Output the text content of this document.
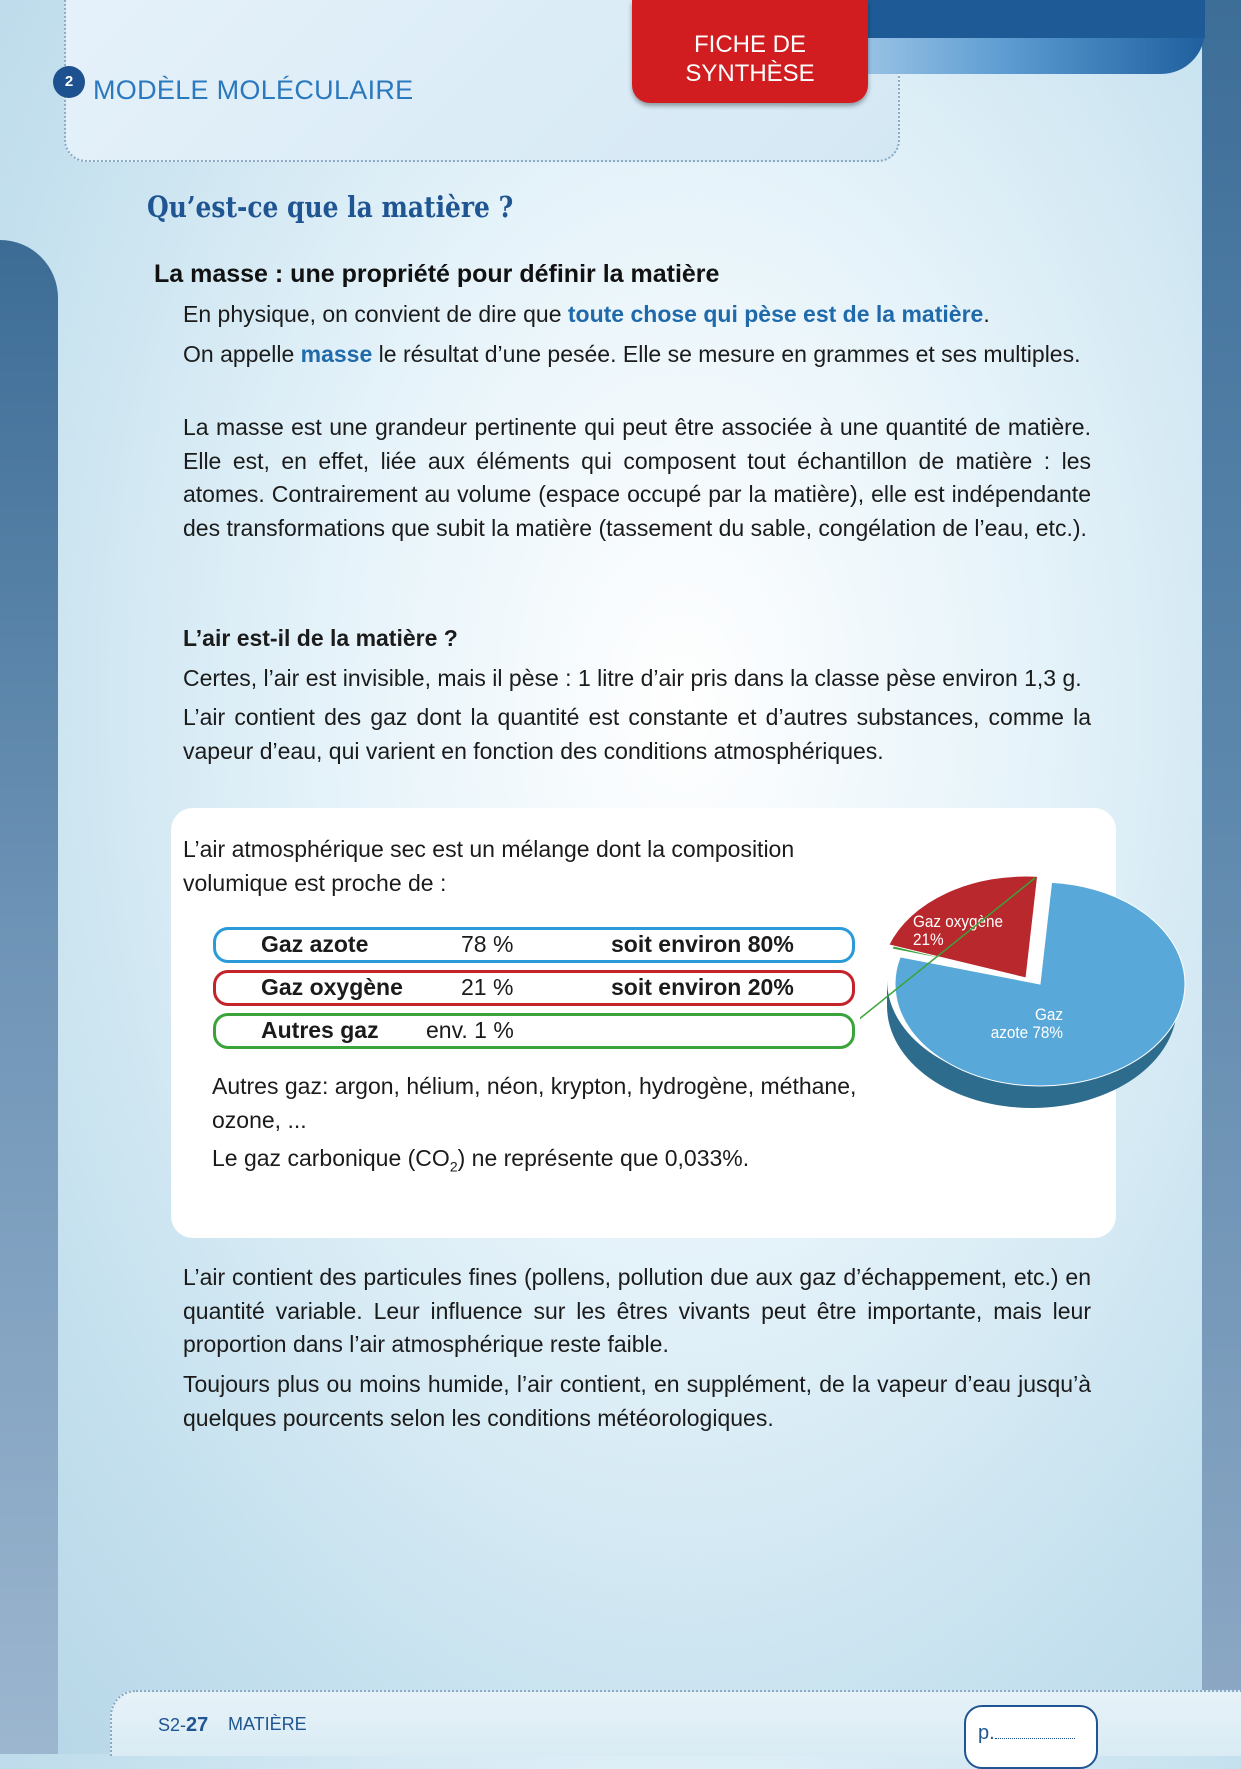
2 MODÈLE MOLÉCULAIRE
FICHE DE
SYNTHÈSE
Qu’est-ce que la matière ?
La masse : une propriété pour définir la matière

En physique, on convient de dire que toute chose qui pèse est de la matière.

On appelle masse le résultat d’une pesée. Elle se mesure en grammes et ses multiples.

La masse est une grandeur pertinente qui peut être associée à une quantité de matière. Elle est, en effet, liée aux éléments qui composent tout échantillon de matière : les atomes. Contrairement au volume (espace occupé par la matière), elle est indépendante des transformations que subit la matière (tassement du sable, congélation de l’eau, etc.).

L’air est-il de la matière ?

Certes, l’air est invisible, mais il pèse : 1 litre d’air pris dans la classe pèse environ 1,3 g.

L’air contient des gaz dont la quantité est constante et d’autres substances, comme la vapeur d’eau, qui varient en fonction des conditions atmosphériques.

L’air atmosphérique sec est un mélange dont la composition volumique est proche de :

Gaz azote	78 %	soit environ 80%
Gaz oxygène	21 %	soit environ 20%
Autres gaz env. 1 %

Autres gaz: argon, hélium, néon, krypton, hydrogène, méthane, ozone, ...

Le gaz carbonique $(CO_2)$ ne représente que 0,033%.

Gaz oxygène
21%
Gaz
azote 78%

L’air contient des particules fines (pollens, pollution due aux gaz d’échappement, etc.) en quantité variable. Leur influence sur les êtres vivants peut être importante, mais leur proportion dans l’air atmosphérique reste faible.

Toujours plus ou moins humide, l’air contient, en supplément, de la vapeur d’eau jusqu’à quelques pourcents selon les conditions météorologiques.

S2-27 MATIÈRE	p.
